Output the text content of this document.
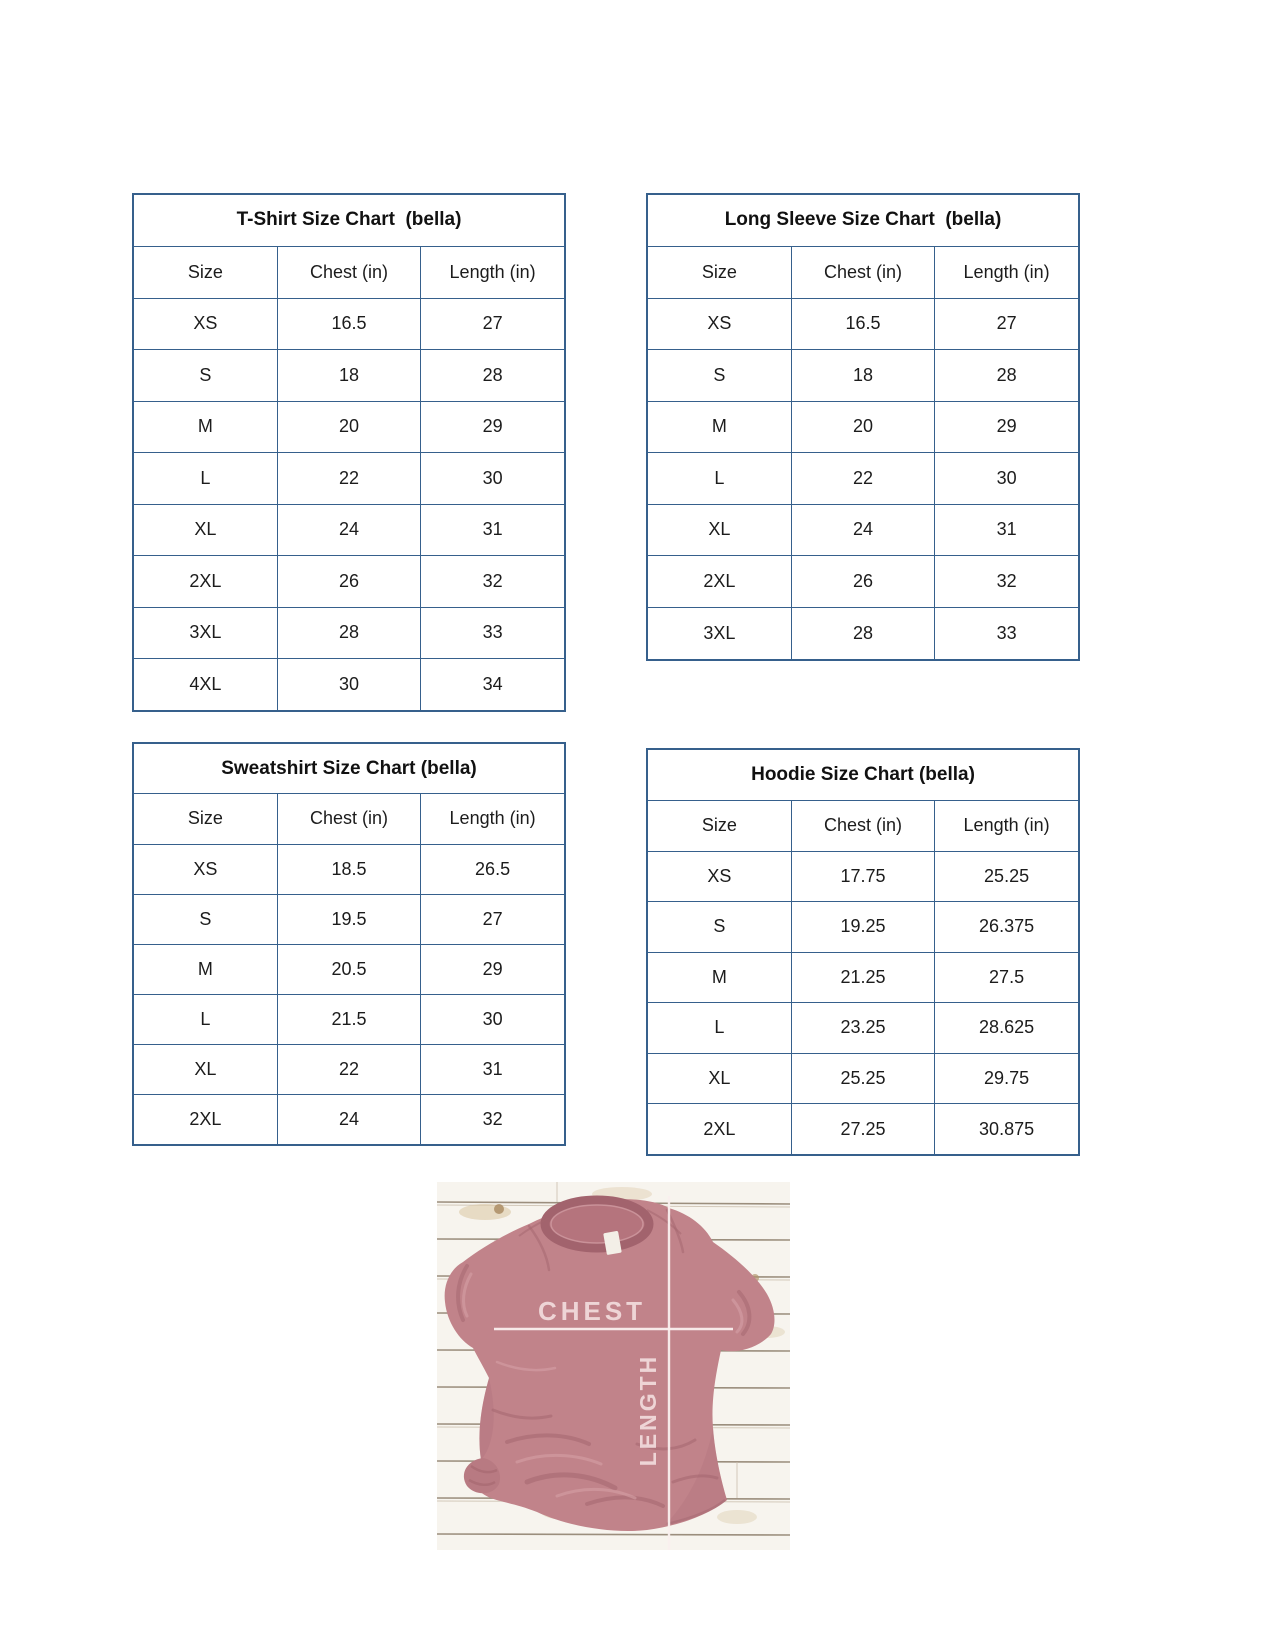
T-Shirt Size Chart  (bella)
Size	Chest (in)	Length (in)
XS	16.5	27
S	18	28
M	20	29
L	22	30
XL	24	31
2XL	26	32
3XL	28	33
4XL	30	34
Long Sleeve Size Chart  (bella)
Size	Chest (in)	Length (in)
XS	16.5	27
S	18	28
M	20	29
L	22	30
XL	24	31
2XL	26	32
3XL	28	33
Sweatshirt Size Chart (bella)
Size	Chest (in)	Length (in)
XS	18.5	26.5
S	19.5	27
M	20.5	29
L	21.5	30
XL	22	31
2XL	24	32
Hoodie Size Chart (bella)
Size	Chest (in)	Length (in)
XS	17.75	25.25
S	19.25	26.375
M	21.25	27.5
L	23.25	28.625
XL	25.25	29.75
2XL	27.25	30.875
CHEST
LENGTH
